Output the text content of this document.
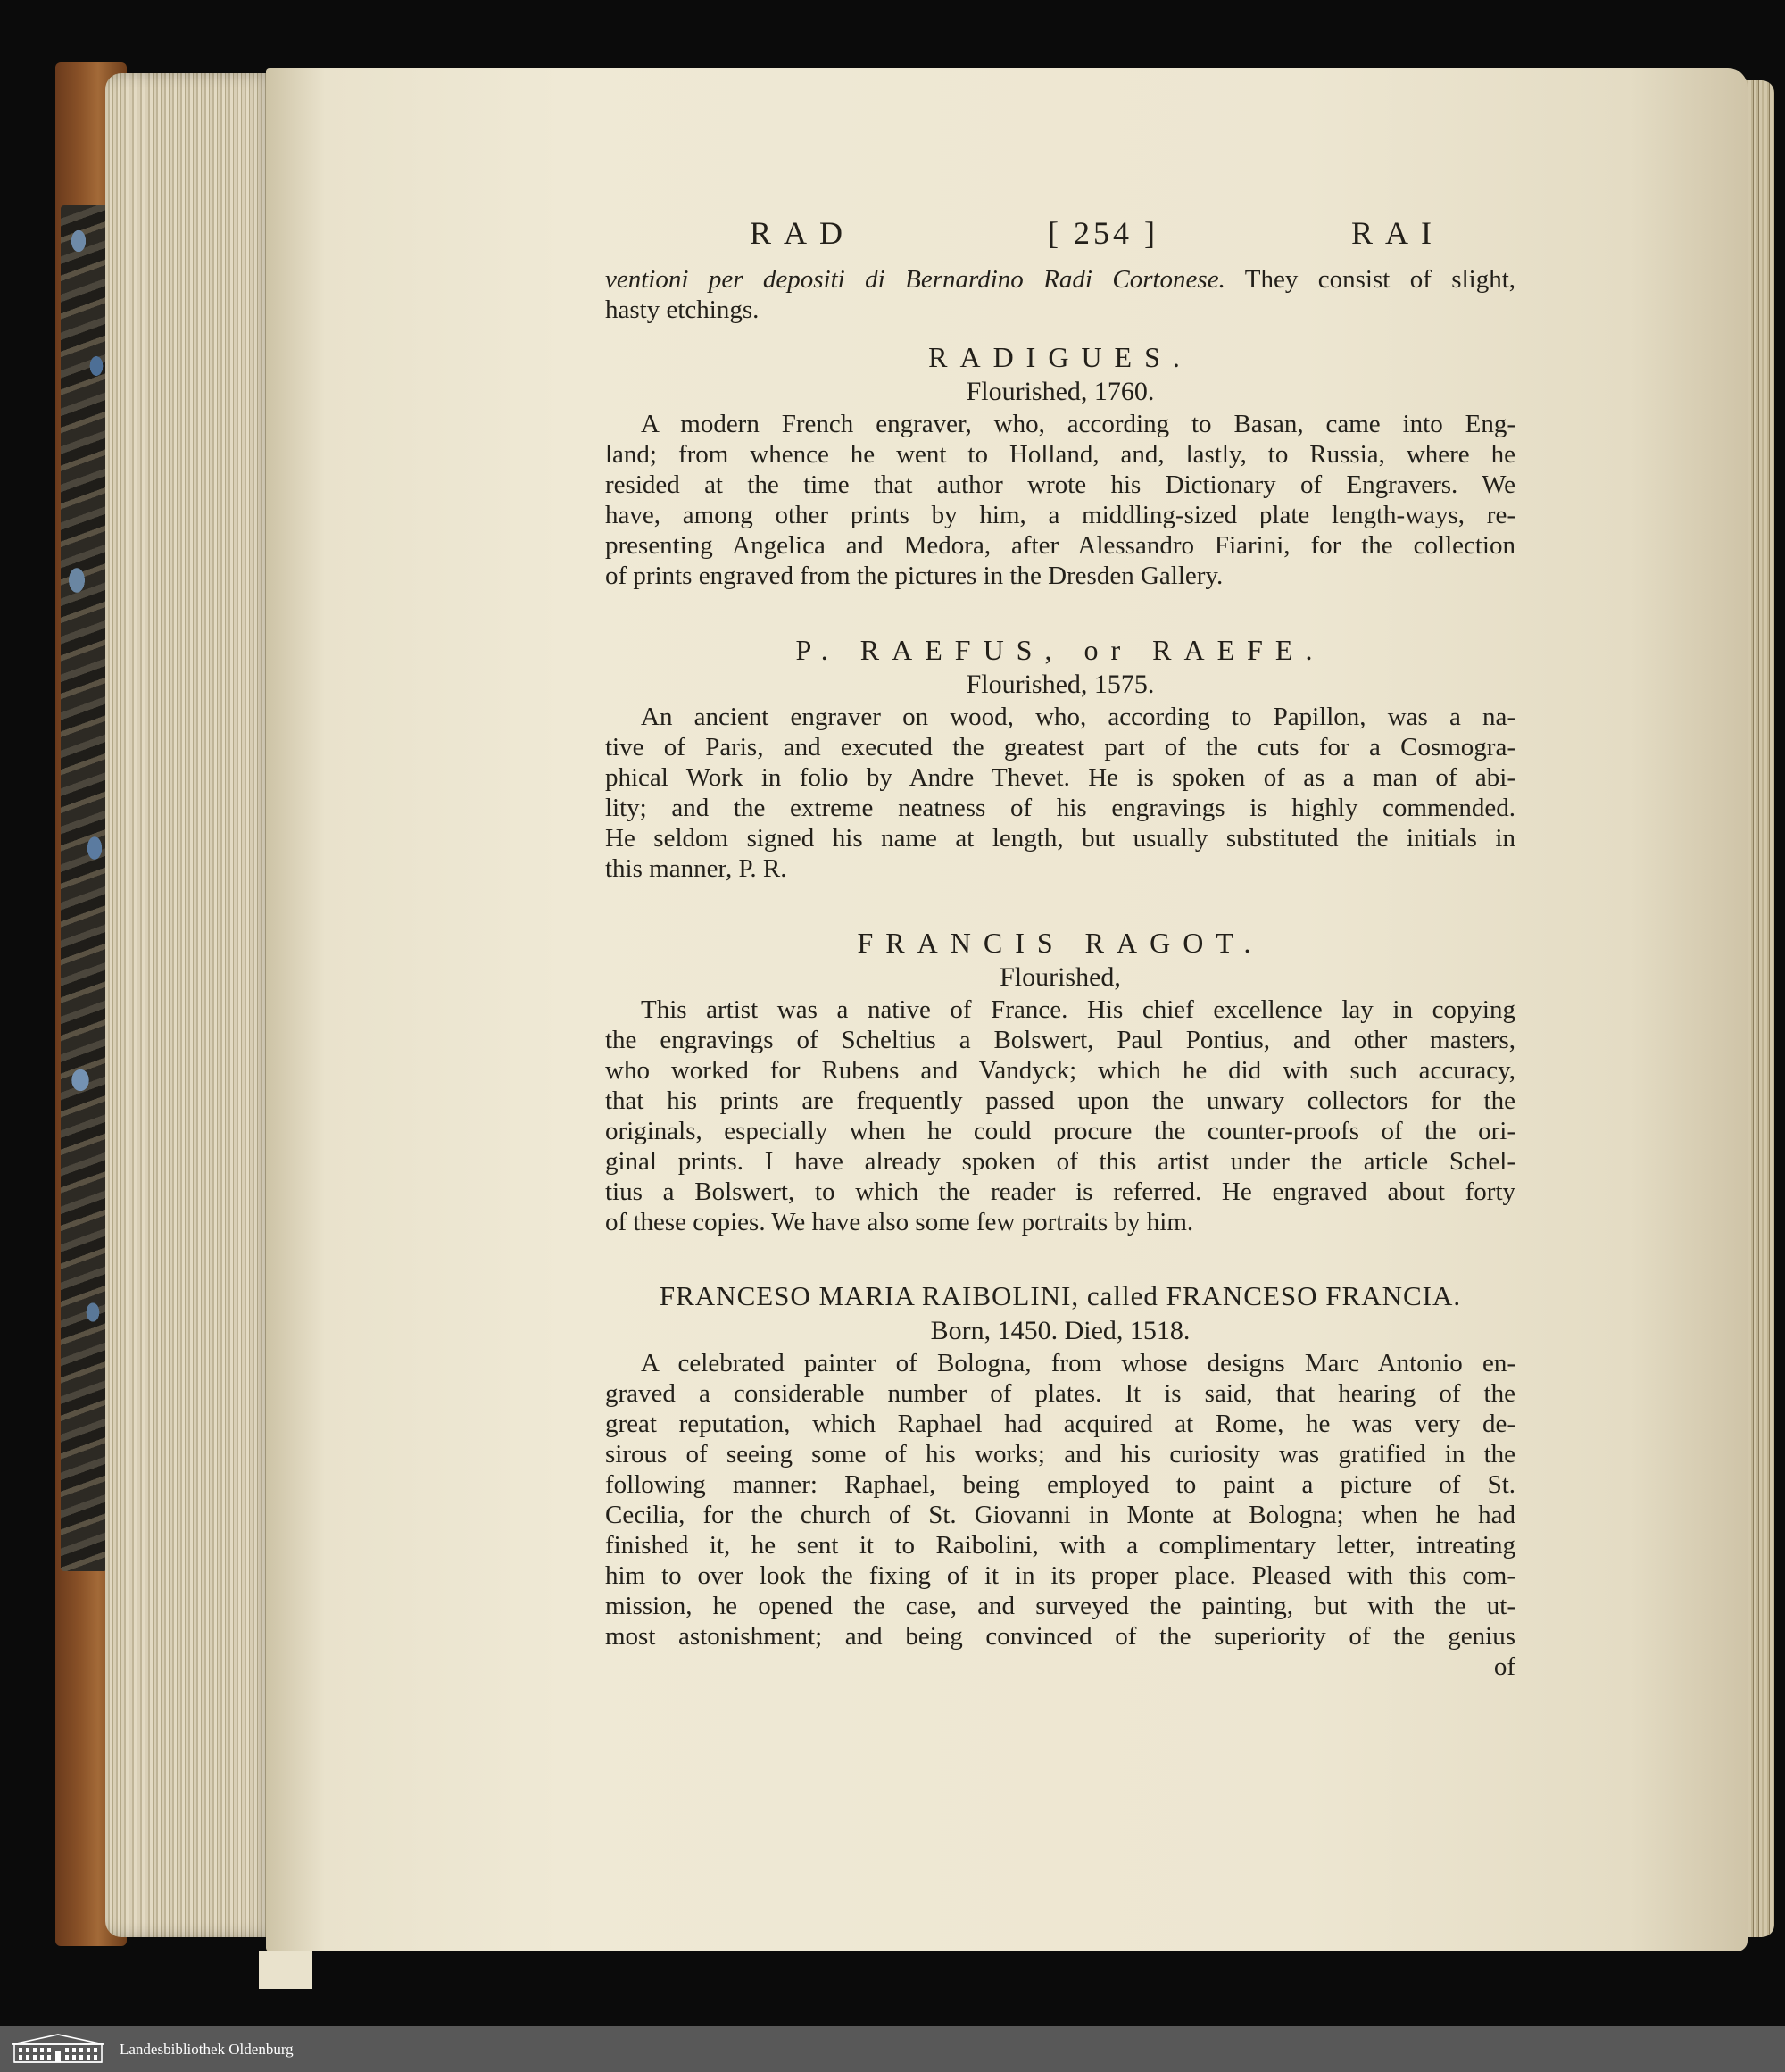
RAD	[ 254 ]	RAI
ventioni per depositi di Bernardino Radi Cortonese. They consist of slight,
hasty etchings.
RADIGUES.
Flourished, 1760.
A modern French engraver, who, according to Basan, came into Eng-
land; from whence he went to Holland, and, lastly, to Russia, where he
resided at the time that author wrote his Dictionary of Engravers. We
have, among other prints by him, a middling-sized plate length-ways, re-
presenting Angelica and Medora, after Alessandro Fiarini, for the collection
of prints engraved from the pictures in the Dresden Gallery.
P. RAEFUS, or RAEFE.
Flourished, 1575.
An ancient engraver on wood, who, according to Papillon, was a na-
tive of Paris, and executed the greatest part of the cuts for a Cosmogra-
phical Work in folio by Andre Thevet. He is spoken of as a man of abi-
lity; and the extreme neatness of his engravings is highly commended.
He seldom signed his name at length, but usually substituted the initials in
this manner, P. R.
FRANCIS RAGOT.
Flourished,
This artist was a native of France. His chief excellence lay in copying
the engravings of Scheltius a Bolswert, Paul Pontius, and other masters,
who worked for Rubens and Vandyck; which he did with such accuracy,
that his prints are frequently passed upon the unwary collectors for the
originals, especially when he could procure the counter-proofs of the ori-
ginal prints. I have already spoken of this artist under the article Schel-
tius a Bolswert, to which the reader is referred. He engraved about forty
of these copies. We have also some few portraits by him.
FRANCESO MARIA RAIBOLINI, called FRANCESO FRANCIA.
Born, 1450. Died, 1518.
A celebrated painter of Bologna, from whose designs Marc Antonio en-
graved a considerable number of plates. It is said, that hearing of the
great reputation, which Raphael had acquired at Rome, he was very de-
sirous of seeing some of his works; and his curiosity was gratified in the
following manner: Raphael, being employed to paint a picture of St.
Cecilia, for the church of St. Giovanni in Monte at Bologna; when he had
finished it, he sent it to Raibolini, with a complimentary letter, intreating
him to over look the fixing of it in its proper place. Pleased with this com-
mission, he opened the case, and surveyed the painting, but with the ut-
most astonishment; and being convinced of the superiority of the genius
of
Landesbibliothek Oldenburg
